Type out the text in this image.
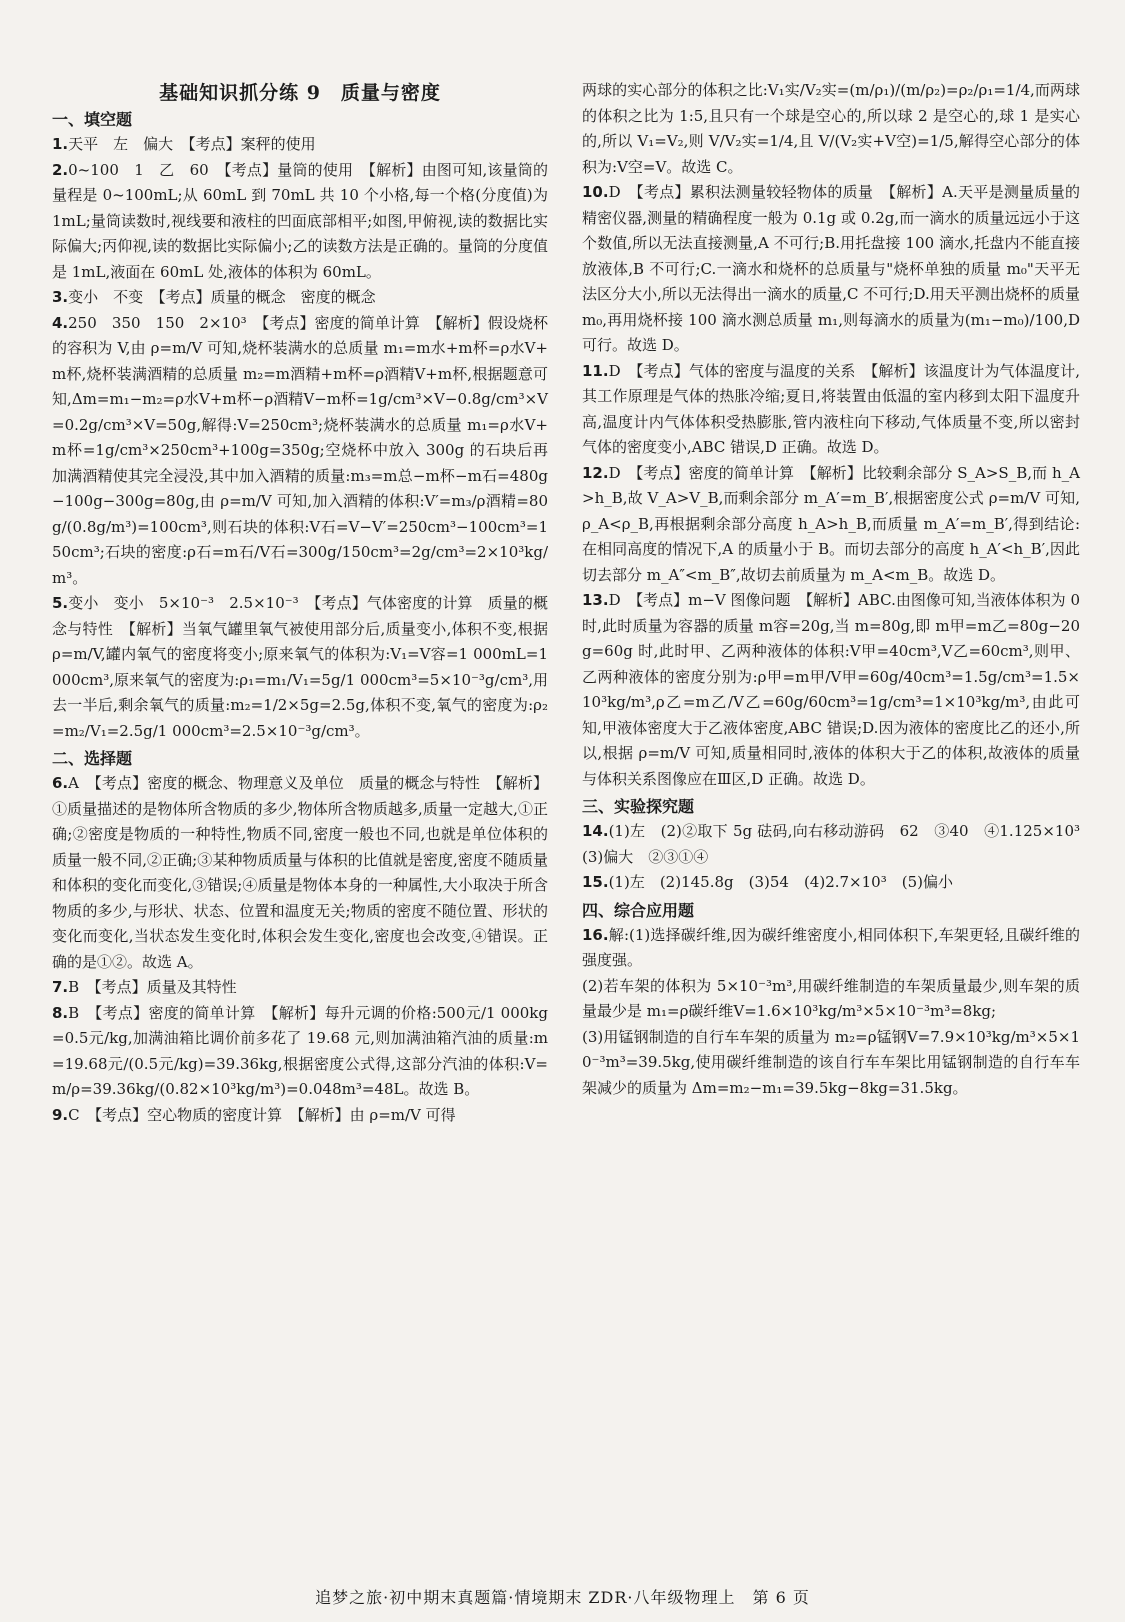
基础知识抓分练 9　质量与密度
一、填空题

1.天平　左　偏大　【考点】案秤的使用

2.0~100　1　乙　60　【考点】量筒的使用　【解析】由图可知,该量筒的量程是 0~100mL;从 60mL 到 70mL 共 10 个小格,每一个格(分度值)为 1mL;量筒读数时,视线要和液柱的凹面底部相平;如图,甲俯视,读的数据比实际偏大;丙仰视,读的数据比实际偏小;乙的读数方法是正确的。量筒的分度值是 1mL,液面在 60mL 处,液体的体积为 60mL。

3.变小　不变　【考点】质量的概念　密度的概念

4.250　350　150　2×10³　【考点】密度的简单计算　【解析】假设烧杯的容积为 V,由 ρ=m/V 可知,烧杯装满水的总质量 m₁=m水+m杯=ρ水V+m杯,烧杯装满酒精的总质量 m₂=m酒精+m杯=ρ酒精V+m杯,根据题意可知,Δm=m₁−m₂=ρ水V+m杯−ρ酒精V−m杯=1g/cm³×V−0.8g/cm³×V=0.2g/cm³×V=50g,解得:V=250cm³;烧杯装满水的总质量 m₁=ρ水V+m杯=1g/cm³×250cm³+100g=350g;空烧杯中放入 300g 的石块后再加满酒精使其完全浸没,其中加入酒精的质量:m₃=m总−m杯−m石=480g−100g−300g=80g,由 ρ=m/V 可知,加入酒精的体积:V′=m₃/ρ酒精=80g/(0.8g/m³)=100cm³,则石块的体积:V石=V−V′=250cm³−100cm³=150cm³;石块的密度:ρ石=m石/V石=300g/150cm³=2g/cm³=2×10³kg/m³。

5.变小　变小　5×10⁻³　2.5×10⁻³　【考点】气体密度的计算　质量的概念与特性　【解析】当氧气罐里氧气被使用部分后,质量变小,体积不变,根据 ρ=m/V,罐内氧气的密度将变小;原来氧气的体积为:V₁=V容=1 000mL=1 000cm³,原来氧气的密度为:ρ₁=m₁/V₁=5g/1 000cm³=5×10⁻³g/cm³,用去一半后,剩余氧气的质量:m₂=1/2×5g=2.5g,体积不变,氧气的密度为:ρ₂=m₂/V₁=2.5g/1 000cm³=2.5×10⁻³g/cm³。

二、选择题

6.A　【考点】密度的概念、物理意义及单位　质量的概念与特性　【解析】①质量描述的是物体所含物质的多少,物体所含物质越多,质量一定越大,①正确;②密度是物质的一种特性,物质不同,密度一般也不同,也就是单位体积的质量一般不同,②正确;③某种物质质量与体积的比值就是密度,密度不随质量和体积的变化而变化,③错误;④质量是物体本身的一种属性,大小取决于所含物质的多少,与形状、状态、位置和温度无关;物质的密度不随位置、形状的变化而变化,当状态发生变化时,体积会发生变化,密度也会改变,④错误。正确的是①②。故选 A。

7.B　【考点】质量及其特性

8.B　【考点】密度的简单计算　【解析】每升元调的价格:500元/1 000kg=0.5元/kg,加满油箱比调价前多花了 19.68 元,则加满油箱汽油的质量:m=19.68元/(0.5元/kg)=39.36kg,根据密度公式得,这部分汽油的体积:V=m/ρ=39.36kg/(0.82×10³kg/m³)=0.048m³=48L。故选 B。

9.C　【考点】空心物质的密度计算　【解析】由 ρ=m/V 可得

两球的实心部分的体积之比:V₁实/V₂实=(m/ρ₁)/(m/ρ₂)=ρ₂/ρ₁=1/4,而两球的体积之比为 1:5,且只有一个球是空心的,所以球 2 是空心的,球 1 是实心的,所以 V₁=V₂,则 V/V₂实=1/4,且 V/(V₂实+V空)=1/5,解得空心部分的体积为:V空=V。故选 C。

10.D　【考点】累积法测量较轻物体的质量　【解析】A.天平是测量质量的精密仪器,测量的精确程度一般为 0.1g 或 0.2g,而一滴水的质量远远小于这个数值,所以无法直接测量,A 不可行;B.用托盘接 100 滴水,托盘内不能直接放液体,B 不可行;C.一滴水和烧杯的总质量与"烧杯单独的质量 m₀"天平无法区分大小,所以无法得出一滴水的质量,C 不可行;D.用天平测出烧杯的质量 m₀,再用烧杯接 100 滴水测总质量 m₁,则每滴水的质量为(m₁−m₀)/100,D 可行。故选 D。

11.D　【考点】气体的密度与温度的关系　【解析】该温度计为气体温度计,其工作原理是气体的热胀冷缩;夏日,将装置由低温的室内移到太阳下温度升高,温度计内气体体积受热膨胀,管内液柱向下移动,气体质量不变,所以密封气体的密度变小,ABC 错误,D 正确。故选 D。

12.D　【考点】密度的简单计算　【解析】比较剩余部分 S_A>S_B,而 h_A>h_B,故 V_A>V_B,而剩余部分 m_A′=m_B′,根据密度公式 ρ=m/V 可知,ρ_A<ρ_B,再根据剩余部分高度 h_A>h_B,而质量 m_A′=m_B′,得到结论:在相同高度的情况下,A 的质量小于 B。而切去部分的高度 h_A′<h_B′,因此切去部分 m_A″<m_B″,故切去前质量为 m_A<m_B。故选 D。

13.D　【考点】m−V 图像问题　【解析】ABC.由图像可知,当液体体积为 0 时,此时质量为容器的质量 m容=20g,当 m=80g,即 m甲=m乙=80g−20g=60g 时,此时甲、乙两种液体的体积:V甲=40cm³,V乙=60cm³,则甲、乙两种液体的密度分别为:ρ甲=m甲/V甲=60g/40cm³=1.5g/cm³=1.5×10³kg/m³,ρ乙=m乙/V乙=60g/60cm³=1g/cm³=1×10³kg/m³,由此可知,甲液体密度大于乙液体密度,ABC 错误;D.因为液体的密度比乙的还小,所以,根据 ρ=m/V 可知,质量相同时,液体的体积大于乙的体积,故液体的质量与体积关系图像应在Ⅲ区,D 正确。故选 D。

三、实验探究题

14.(1)左　(2)②取下 5g 砝码,向右移动游码　62　③40　④1.125×10³　(3)偏大　②③①④

15.(1)左　(2)145.8g　(3)54　(4)2.7×10³　(5)偏小

四、综合应用题

16.解:(1)选择碳纤维,因为碳纤维密度小,相同体积下,车架更轻,且碳纤维的强度强。

(2)若车架的体积为 5×10⁻³m³,用碳纤维制造的车架质量最少,则车架的质量最少是 m₁=ρ碳纤维V=1.6×10³kg/m³×5×10⁻³m³=8kg;

(3)用锰钢制造的自行车车架的质量为 m₂=ρ锰钢V=7.9×10³kg/m³×5×10⁻³m³=39.5kg,使用碳纤维制造的该自行车车架比用锰钢制造的自行车车架减少的质量为 Δm=m₂−m₁=39.5kg−8kg=31.5kg。

追梦之旅·初中期末真题篇·情境期末 ZDR·八年级物理上　第 6 页
